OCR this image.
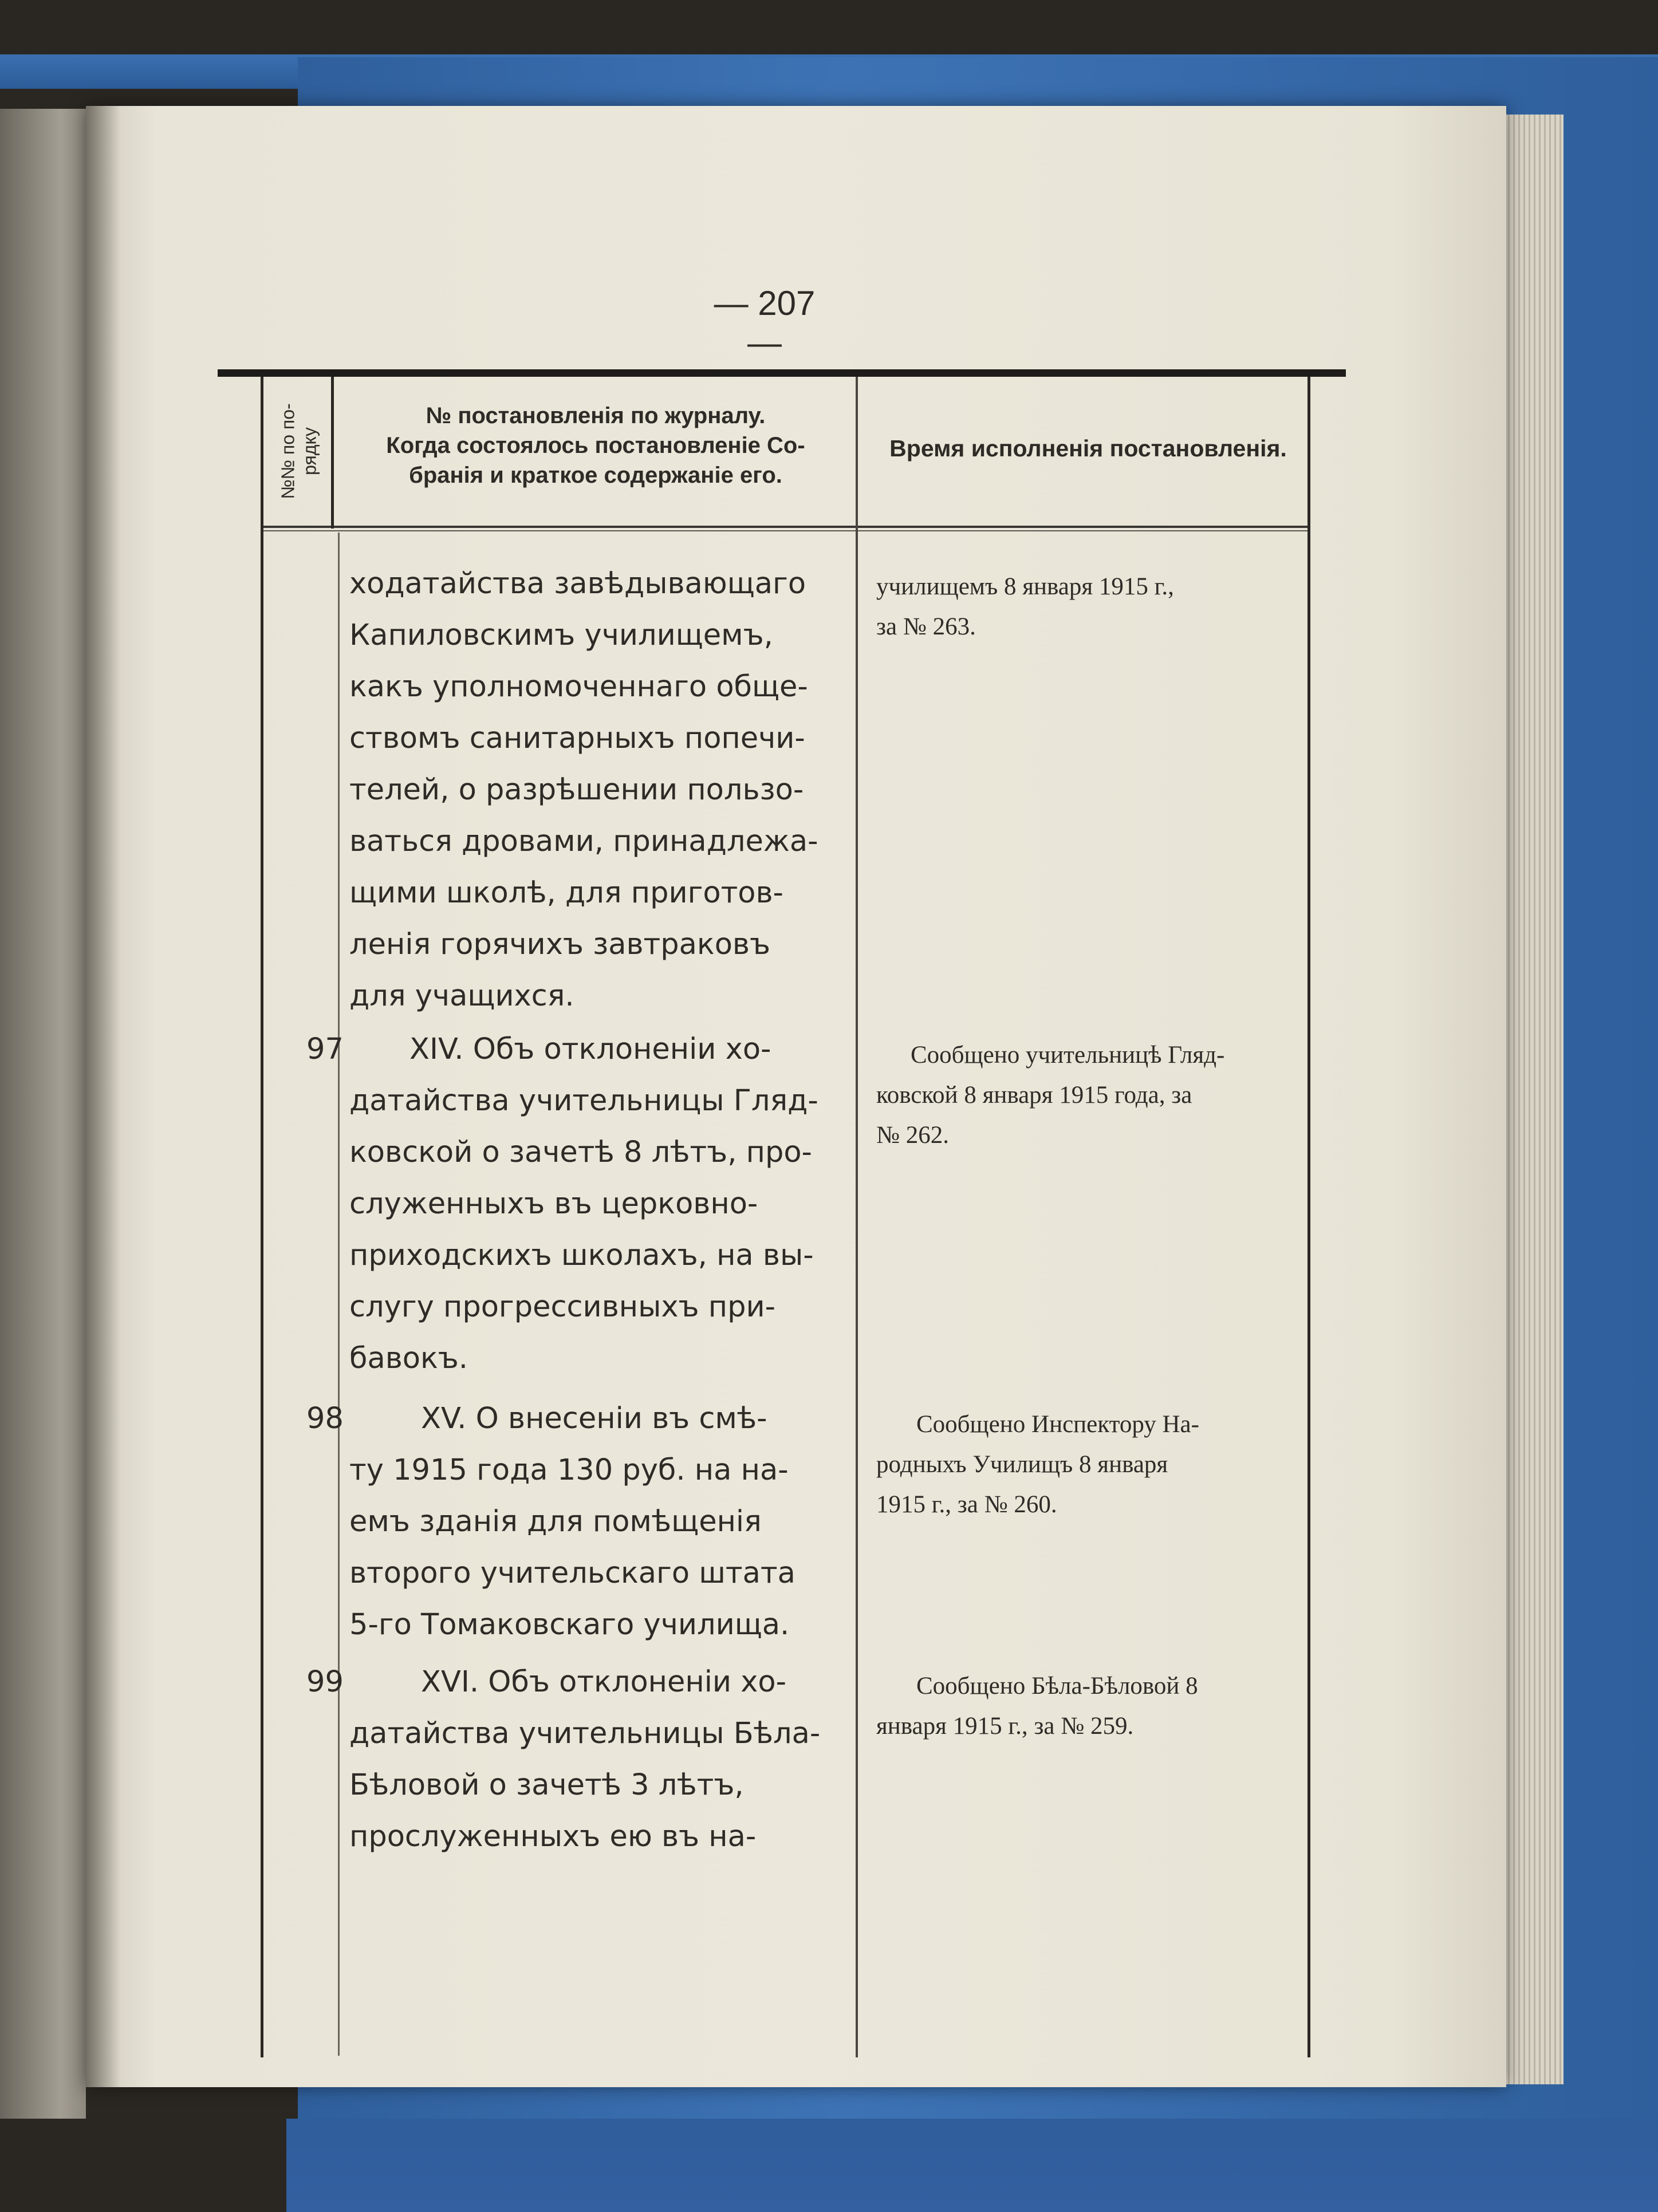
— 207 —
№№ по по-
рядку
№ постановленія по журналу.
Когда состоялось постановленіе Со-
бранія и краткое содержаніе его.
Время исполненія постановленія.
ходатайства завѣдывающаго
Капиловскимъ училищемъ,
какъ уполномоченнаго обще-
ствомъ санитарныхъ попечи-
телей, о разрѣшении пользо-
ваться дровами, принадлежа-
щими школѣ, для приготов-
ленія горячихъ завтраковъ
для учащихся.
училищемъ 8 января 1915 г.,
за № 263.
97 XIV. Объ отклоненіи хо-
датайства учительницы Гляд-
ковской о зачетѣ 8 лѣтъ, про-
служенныхъ въ церковно-
приходскихъ школахъ, на вы-
слугу прогрессивныхъ при-
бавокъ.
Сообщено учительницѣ Гляд-
ковской 8 января 1915 года, за
№ 262.
98	XV. О внесеніи въ смѣ-
ту 1915 года 130 руб. на на-
емъ зданія для помѣщенія
второго учительскаго штата
5-го Томаковскаго училища.
Сообщено Инспектору На-
родныхъ Училищъ 8 января
1915 г., за № 260.
99	XVI. Объ отклоненіи хо-
датайства учительницы Бѣла-
Бѣловой о зачетѣ 3 лѣтъ,
прослуженныхъ ею въ на-
Сообщено Бѣла-Бѣловой 8
января 1915 г., за № 259.
